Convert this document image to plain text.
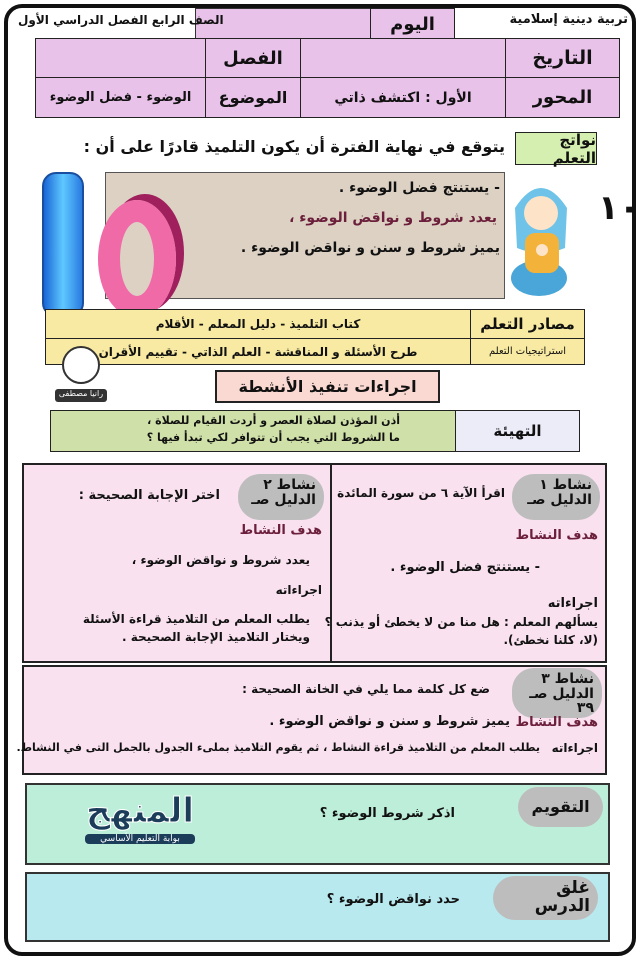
تربية دينية إسلامية
اليوم
الصف الرابع الفصل الدراسي الأول
التاريخ
الفصل
المحور
الأول : اكتشف ذاتي
الموضوع
الوضوء - فضل الوضوء
نواتج التعلم
يتوقع في نهاية الفترة أن يكون التلميذ قادرًا على أن :
- يستنتج فضل الوضوء .
يعدد شروط و نواقض الوضوء ،
يميز شروط و سنن و نواقض الوضوء .
١٠
مصادر التعلم
كتاب التلميذ - دليل المعلم - الأقلام
استراتيجيات التعلم
طرح الأسئلة و المناقشة - العلم الذاتي - تقييم الأقران
رانيا مصطفى	اجراءات تنفيذ الأنشطة
التهيئة
أذن المؤذن لصلاة العصر و أردت القيام للصلاة ،
ما الشروط التي يجب أن تتوافر لكي تبدأ فيها ؟
نشاط ١
الدليل صـ
اقرأ الآية ٦ من سورة المائدة
هدف النشاط
- يستنتج فضل الوضوء .
اجراءاته
يسألهم المعلم : هل منا من لا يخطئ أو يذنب ؟
(لا، كلنا نخطئ).
نشاط ٢
الدليل صـ
اختر الإجابة الصحيحة :
هدف النشاط
يعدد شروط و نواقض الوضوء ،
اجراءاته
يطلب المعلم من التلاميذ قراءة الأسئلة
ويختار التلاميذ الإجابة الصحيحة .
نشاط ٣
الدليل صـ ٣٩
ضع كل كلمة مما يلي في الخانة الصحيحة :
هدف النشاط
يميز شروط و سنن و نواقض الوضوء .
اجراءاته
يطلب المعلم من التلاميذ قراءة النشاط ، ثم يقوم التلاميذ بملىء الجدول بالجمل التى في النشاط.
التقويم
اذكر شروط الوضوء ؟
المنهج
بوابة التعليم الأساسي
غلق الدرس
حدد نواقض الوضوء ؟
